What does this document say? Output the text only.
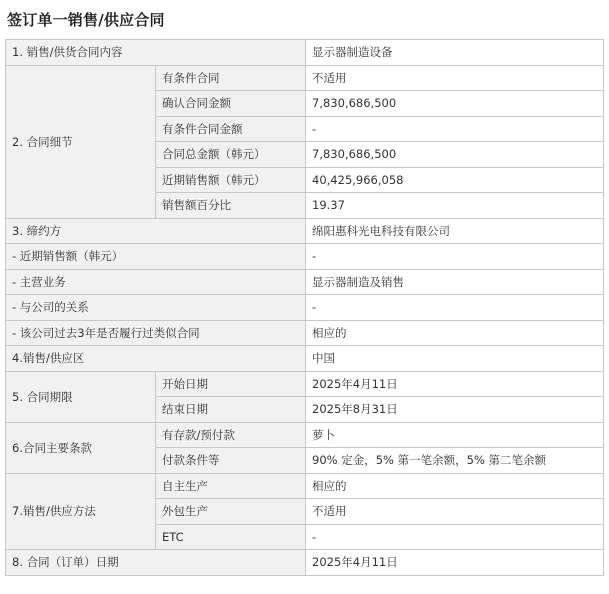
签订单一销售/供应合同
1. 销售/供货合同内容		显示器制造设备
2. 合同细节	有条件合同	不适用
	确认合同金额	7,830,686,500
	有条件合同金额	-
	合同总金额（韩元）	7,830,686,500
	近期销售额（韩元）	40,425,966,058
	销售额百分比	19.37
3. 缔约方		绵阳惠科光电科技有限公司
- 近期销售额（韩元）		-
- 主营业务		显示器制造及销售
- 与公司的关系		-
- 该公司过去3年是否履行过类似合同		相应的
4.销售/供应区		中国
5. 合同期限	开始日期	2025年4月11日
	结束日期	2025年8月31日
6.合同主要条款	有存款/预付款	萝卜
	付款条件等	90% 定金，5% 第一笔余额，5% 第二笔余额
7.销售/供应方法	自主生产	相应的
	外包生产	不适用
	ETC	-
8. 合同（订单）日期		2025年4月11日
